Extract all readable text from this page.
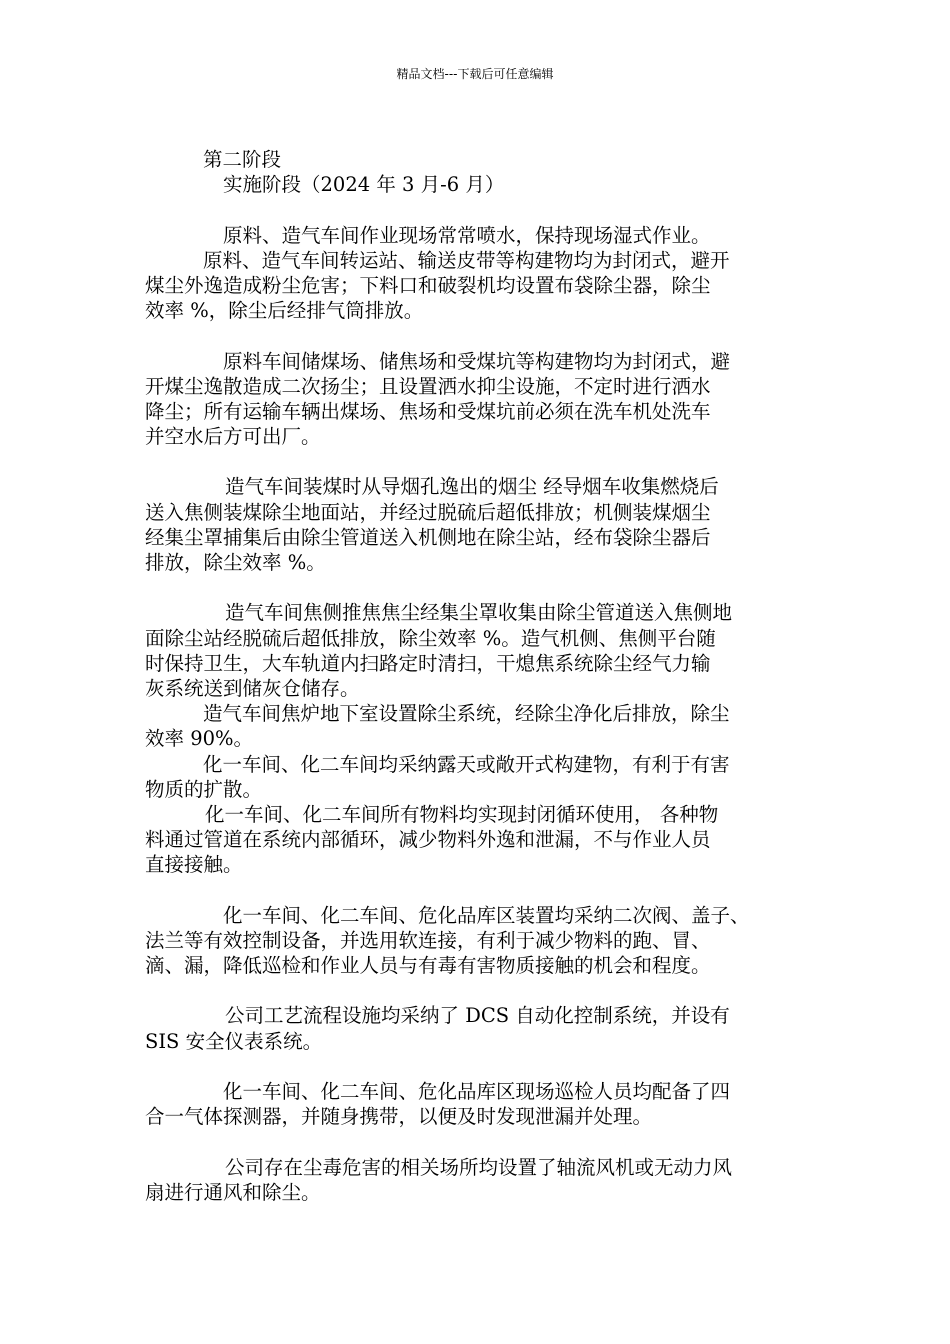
精品文档---下载后可任意编辑
第二阶段
实施阶段（2024 年 3 月-6 月）
原料、造气车间作业现场常常喷水，保持现场湿式作业。
原料、造气车间转运站、输送皮带等构建物均为封闭式，避开
煤尘外逸造成粉尘危害；下料口和破裂机均设置布袋除尘器，除尘
效率 %，除尘后经排气筒排放。
原料车间储煤场、储焦场和受煤坑等构建物均为封闭式，避
开煤尘逸散造成二次扬尘；且设置洒水抑尘设施，不定时进行洒水
降尘；所有运输车辆出煤场、焦场和受煤坑前必须在洗车机处洗车
并空水后方可出厂。
造气车间装煤时从导烟孔逸出的烟尘 经导烟车收集燃烧后
送入焦侧装煤除尘地面站，并经过脱硫后超低排放；机侧装煤烟尘
经集尘罩捕集后由除尘管道送入机侧地在除尘站，经布袋除尘器后
排放，除尘效率 %。
造气车间焦侧推焦焦尘经集尘罩收集由除尘管道送入焦侧地
面除尘站经脱硫后超低排放，除尘效率 %。造气机侧、焦侧平台随
时保持卫生，大车轨道内扫路定时清扫，干熄焦系统除尘经气力输
灰系统送到储灰仓储存。
造气车间焦炉地下室设置除尘系统，经除尘净化后排放，除尘
效率 90%。
化一车间、化二车间均采纳露天或敞开式构建物，有利于有害
物质的扩散。
化一车间、化二车间所有物料均实现封闭循环使用， 各种物
料通过管道在系统内部循环，减少物料外逸和泄漏，不与作业人员
直接接触。
化一车间、化二车间、危化品库区装置均采纳二次阀、盖子、
法兰等有效控制设备，并选用软连接，有利于减少物料的跑、冒、
滴、漏，降低巡检和作业人员与有毒有害物质接触的机会和程度。
公司工艺流程设施均采纳了 DCS 自动化控制系统，并设有
SIS 安全仪表系统。
化一车间、化二车间、危化品库区现场巡检人员均配备了四
合一气体探测器，并随身携带，以便及时发现泄漏并处理。
公司存在尘毒危害的相关场所均设置了轴流风机或无动力风
扇进行通风和除尘。
